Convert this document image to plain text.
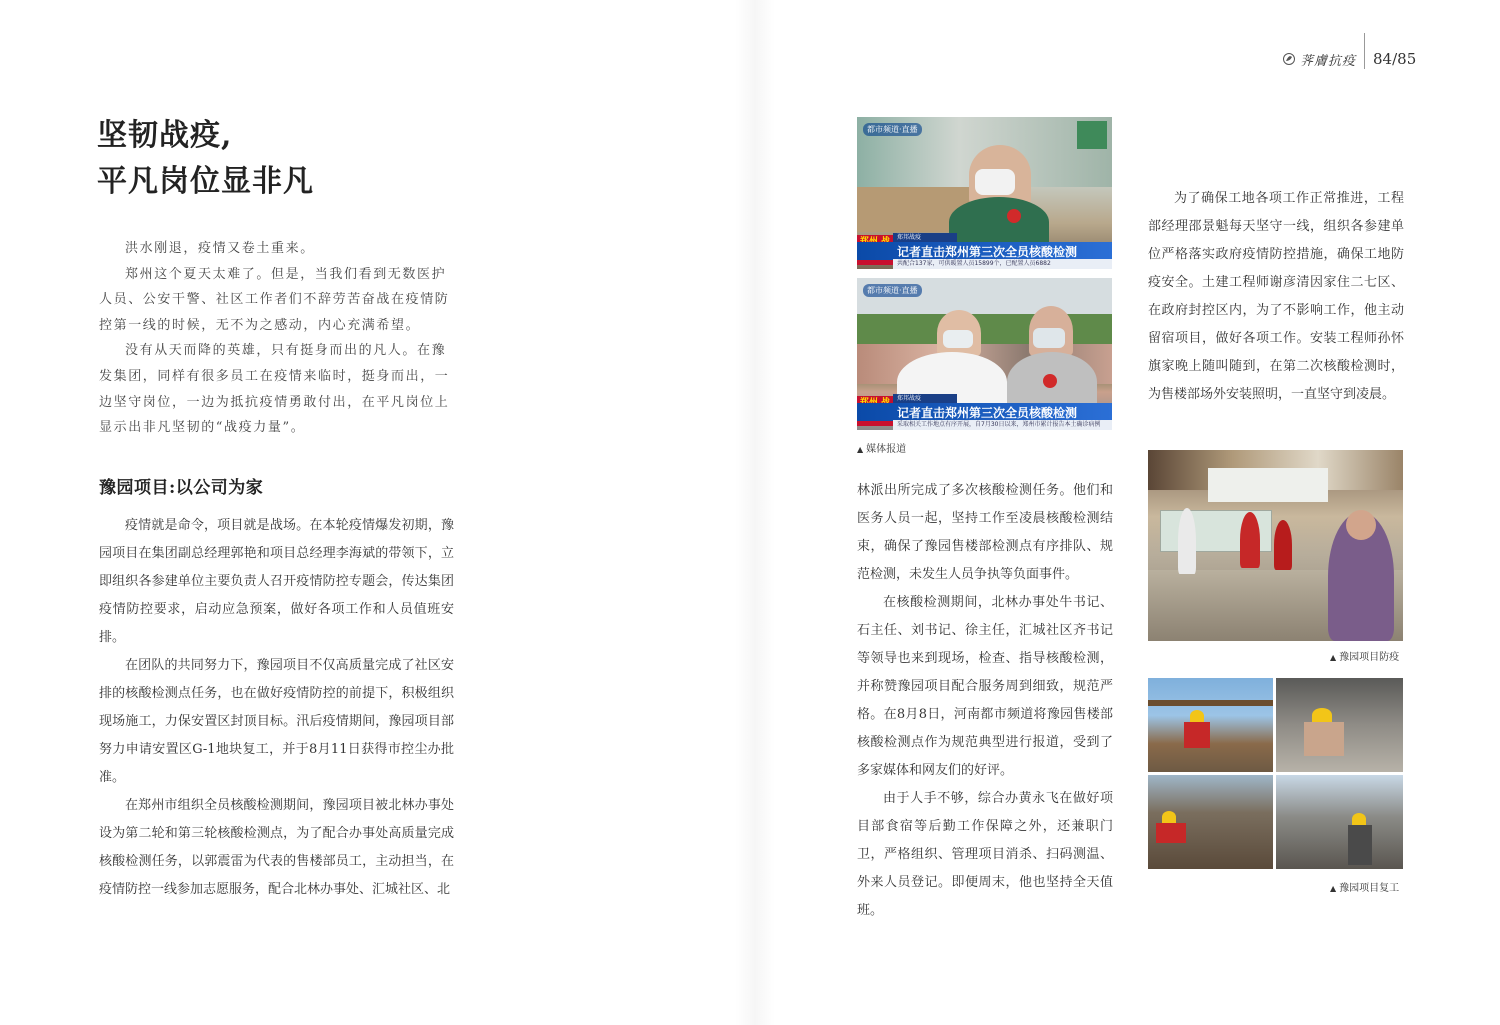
荠膚抗疫 84/85
坚韧战疫,
平凡岗位显非凡

洪水刚退，疫情又卷土重来。

郑州这个夏天太难了。但是，当我们看到无数医护人员、公安干警、社区工作者们不辞劳苦奋战在疫情防控第一线的时候，无不为之感动，内心充满希望。

没有从天而降的英雄，只有挺身而出的凡人。在豫发集团，同样有很多员工在疫情来临时，挺身而出，一边坚守岗位，一边为抵抗疫情勇敢付出，在平凡岗位上显示出非凡坚韧的“战疫力量”。

豫园项目:以公司为家

疫情就是命令，项目就是战场。在本轮疫情爆发初期，豫园项目在集团副总经理郭艳和项目总经理李海斌的带领下，立即组织各参建单位主要负责人召开疫情防控专题会，传达集团疫情防控要求，启动应急预案，做好各项工作和人员值班安排。

在团队的共同努力下，豫园项目不仅高质量完成了社区安排的核酸检测点任务，也在做好疫情防控的前提下，积极组织现场施工，力保安置区封顶目标。汛后疫情期间，豫园项目部努力申请安置区G-1地块复工，并于8月11日获得市控尘办批准。

在郑州市组织全员核酸检测期间，豫园项目被北林办事处设为第二轮和第三轮核酸检测点，为了配合办事处高质量完成核酸检测任务，以郭震雷为代表的售楼部员工，主动担当，在疫情防控一线参加志愿服务，配合北林办事处、汇城社区、北

都市频道·直播
郑邦战疫
记者直击郑州第三次全员核酸检测
共配合137家，可供暖置人员15899个，已配置人员6882
都市频道·直播
郑邦战疫
记者直击郑州第三次全员核酸检测
采取相关工作地点有序开展，自7月30日以来，郑州市累计报告本土确诊病例
▲ 媒体报道

林派出所完成了多次核酸检测任务。他们和医务人员一起，坚持工作至凌晨核酸检测结束，确保了豫园售楼部检测点有序排队、规范检测，未发生人员争执等负面事件。

在核酸检测期间，北林办事处牛书记、石主任、刘书记、徐主任，汇城社区齐书记等领导也来到现场，检查、指导核酸检测，并称赞豫园项目配合服务周到细致，规范严格。在8月8日，河南都市频道将豫园售楼部核酸检测点作为规范典型进行报道，受到了多家媒体和网友们的好评。

由于人手不够，综合办黄永飞在做好项目部食宿等后勤工作保障之外，还兼职门卫，严格组织、管理项目消杀、扫码测温、外来人员登记。即便周末，他也坚持全天值班。

为了确保工地各项工作正常推进，工程部经理邵景魁每天坚守一线，组织各参建单位严格落实政府疫情防控措施，确保工地防疫安全。土建工程师谢彦清因家住二七区、在政府封控区内，为了不影响工作，他主动留宿项目，做好各项工作。安装工程师孙怀旗家晚上随叫随到，在第二次核酸检测时，为售楼部场外安装照明，一直坚守到凌晨。

▲ 豫园项目防疫
▲ 豫园项目复工
